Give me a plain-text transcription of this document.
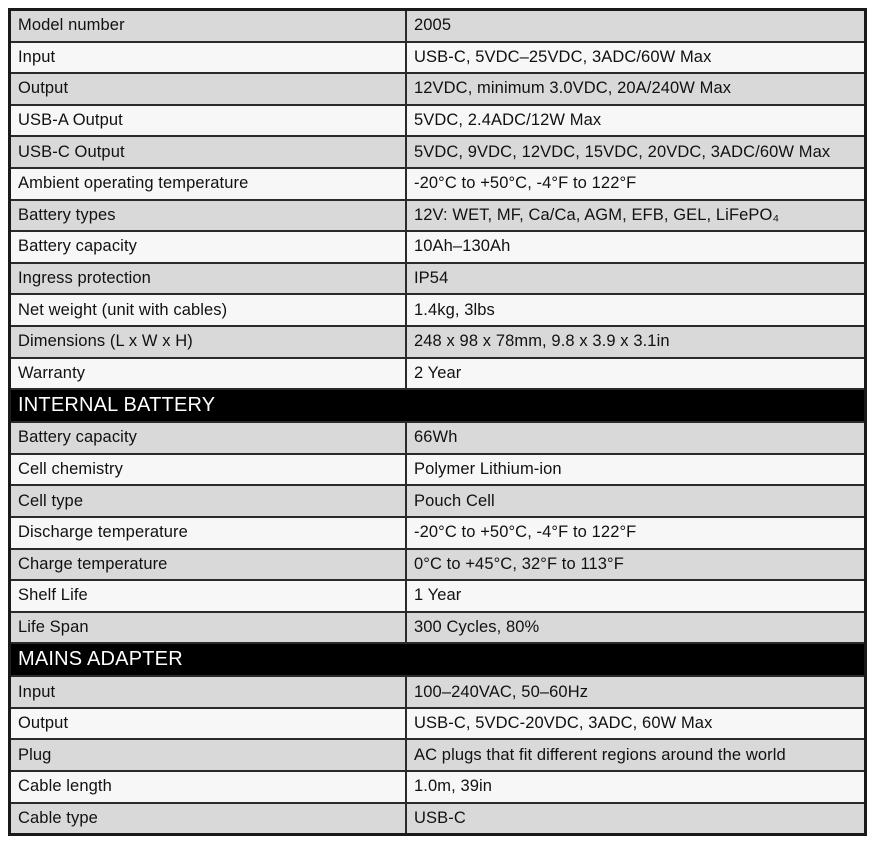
Model number	2005
Input	USB-C, 5VDC–25VDC, 3ADC/60W Max
Output	12VDC, minimum 3.0VDC, 20A/240W Max
USB-A Output	5VDC, 2.4ADC/12W Max
USB-C Output	5VDC, 9VDC, 12VDC, 15VDC, 20VDC, 3ADC/60W Max
Ambient operating temperature	-20°C to +50°C, -4°F to 122°F
Battery types	12V: WET, MF, Ca/Ca, AGM, EFB, GEL, LiFePO₄
Battery capacity	10Ah–130Ah
Ingress protection	IP54
Net weight (unit with cables)	1.4kg, 3lbs
Dimensions (L x W x H)	248 x 98 x 78mm, 9.8 x 3.9 x 3.1in
Warranty	2 Year
INTERNAL BATTERY
Battery capacity	66Wh
Cell chemistry	Polymer Lithium-ion
Cell type	Pouch Cell
Discharge temperature	-20°C to +50°C, -4°F to 122°F
Charge temperature	0°C to +45°C, 32°F to 113°F
Shelf Life	1 Year
Life Span	300 Cycles, 80%
MAINS ADAPTER
Input	100–240VAC, 50–60Hz
Output	USB-C, 5VDC-20VDC, 3ADC, 60W Max
Plug	AC plugs that fit different regions around the world
Cable length	1.0m, 39in
Cable type	USB-C
